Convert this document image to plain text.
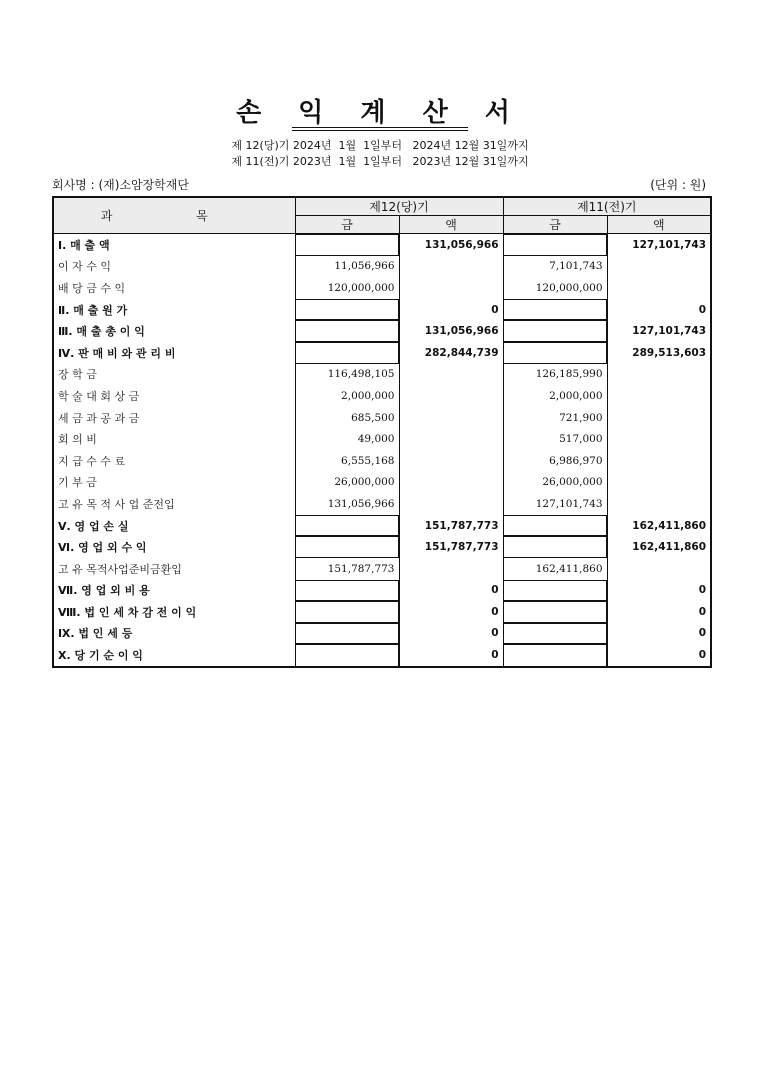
손 익 계 산 서
제 12(당)기 2024년  1월  1일부터   2024년 12월 31일까지
제 11(전)기 2023년  1월  1일부터   2023년 12월 31일까지
회사명 : (재)소암장학재단	(단위 : 원)
과 목	제12(당)기		제11(전)기	
	금	액	금	액
Ⅰ. 매 출 액		131,056,966		127,101,743
이 자 수 익	11,056,966		7,101,743	
배 당 금 수 익	120,000,000		120,000,000	
Ⅱ. 매 출 원 가		0		0
Ⅲ. 매 출 총 이 익		131,056,966		127,101,743
Ⅳ. 판 매 비 와 관 리 비		282,844,739		289,513,603
장 학 금	116,498,105		126,185,990	
학 술 대 회 상 금	2,000,000		2,000,000	
세 금 과 공 과 금	685,500		721,900	
회 의 비	49,000		517,000	
지 급 수 수 료	6,555,168		6,986,970	
기 부 금	26,000,000		26,000,000	
고 유 목 적 사 업 준전입	131,056,966		127,101,743	
Ⅴ. 영 업 손 실		151,787,773		162,411,860
Ⅵ. 영 업 외 수 익		151,787,773		162,411,860
고 유 목적사업준비금환입	151,787,773		162,411,860	
Ⅶ. 영 업 외 비 용		0		0
Ⅷ. 법 인 세 차 감 전 이 익		0		0
Ⅸ. 법 인 세 등		0		0
Ⅹ. 당 기 순 이 익		0		0
